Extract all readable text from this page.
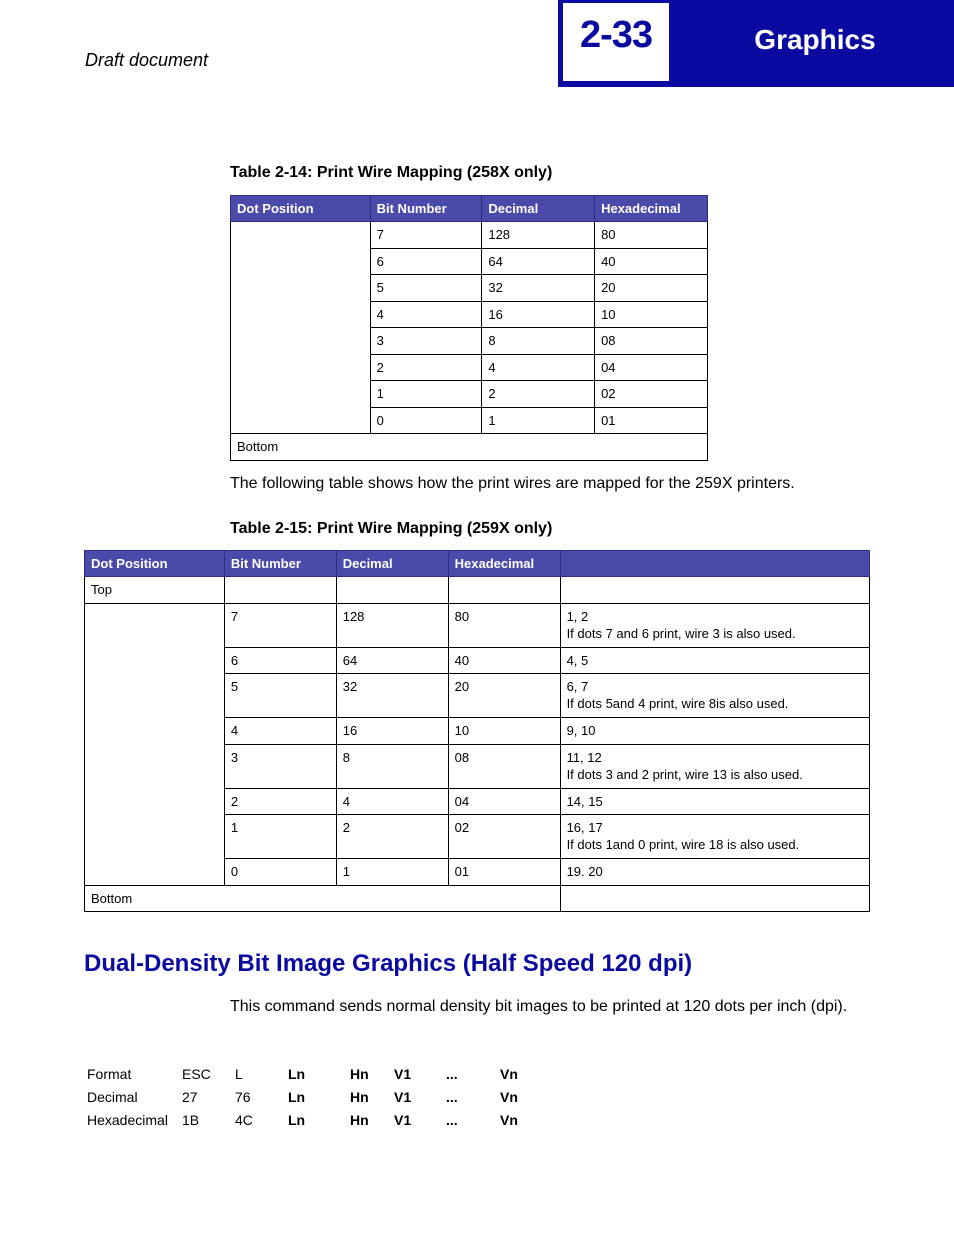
Draft document
2-33	Graphics
Table 2-14: Print Wire Mapping (258X only)
Dot Position	Bit Number	Decimal	Hexadecimal
	7	128	80
	6	64	40
	5	32	20
	4	16	10
	3	8	08
	2	4	04
	1	2	02
	0	1	01
Bottom			
The following table shows how the print wires are mapped for the 259X printers.
Table 2-15: Print Wire Mapping (259X only)
Dot Position	Bit Number	Decimal	Hexadecimal	
Top				
	7	128	80	1, 2
If dots 7 and 6 print, wire 3 is also used.

	6	64	40	4, 5

	5	32	20	6, 7
If dots 5and 4 print, wire 8is also used.

	4	16	10	9, 10

	3	8	08	11, 12
If dots 3 and 2 print, wire 13 is also used.

	2	4	04	14, 15

	1	2	02	16, 17
If dots 1and 0 print, wire 18 is also used.

	0	1	01	19. 20

Bottom				
Dual-Density Bit Image Graphics (Half Speed 120 dpi)
This command sends normal density bit images to be printed at 120 dots per inch (dpi).
Format	ESC	L	Ln	Hn	V1	...	Vn
Decimal	27	76	Ln	Hn	V1	...	Vn
Hexadecimal	1B	4C	Ln	Hn	V1	...	Vn
